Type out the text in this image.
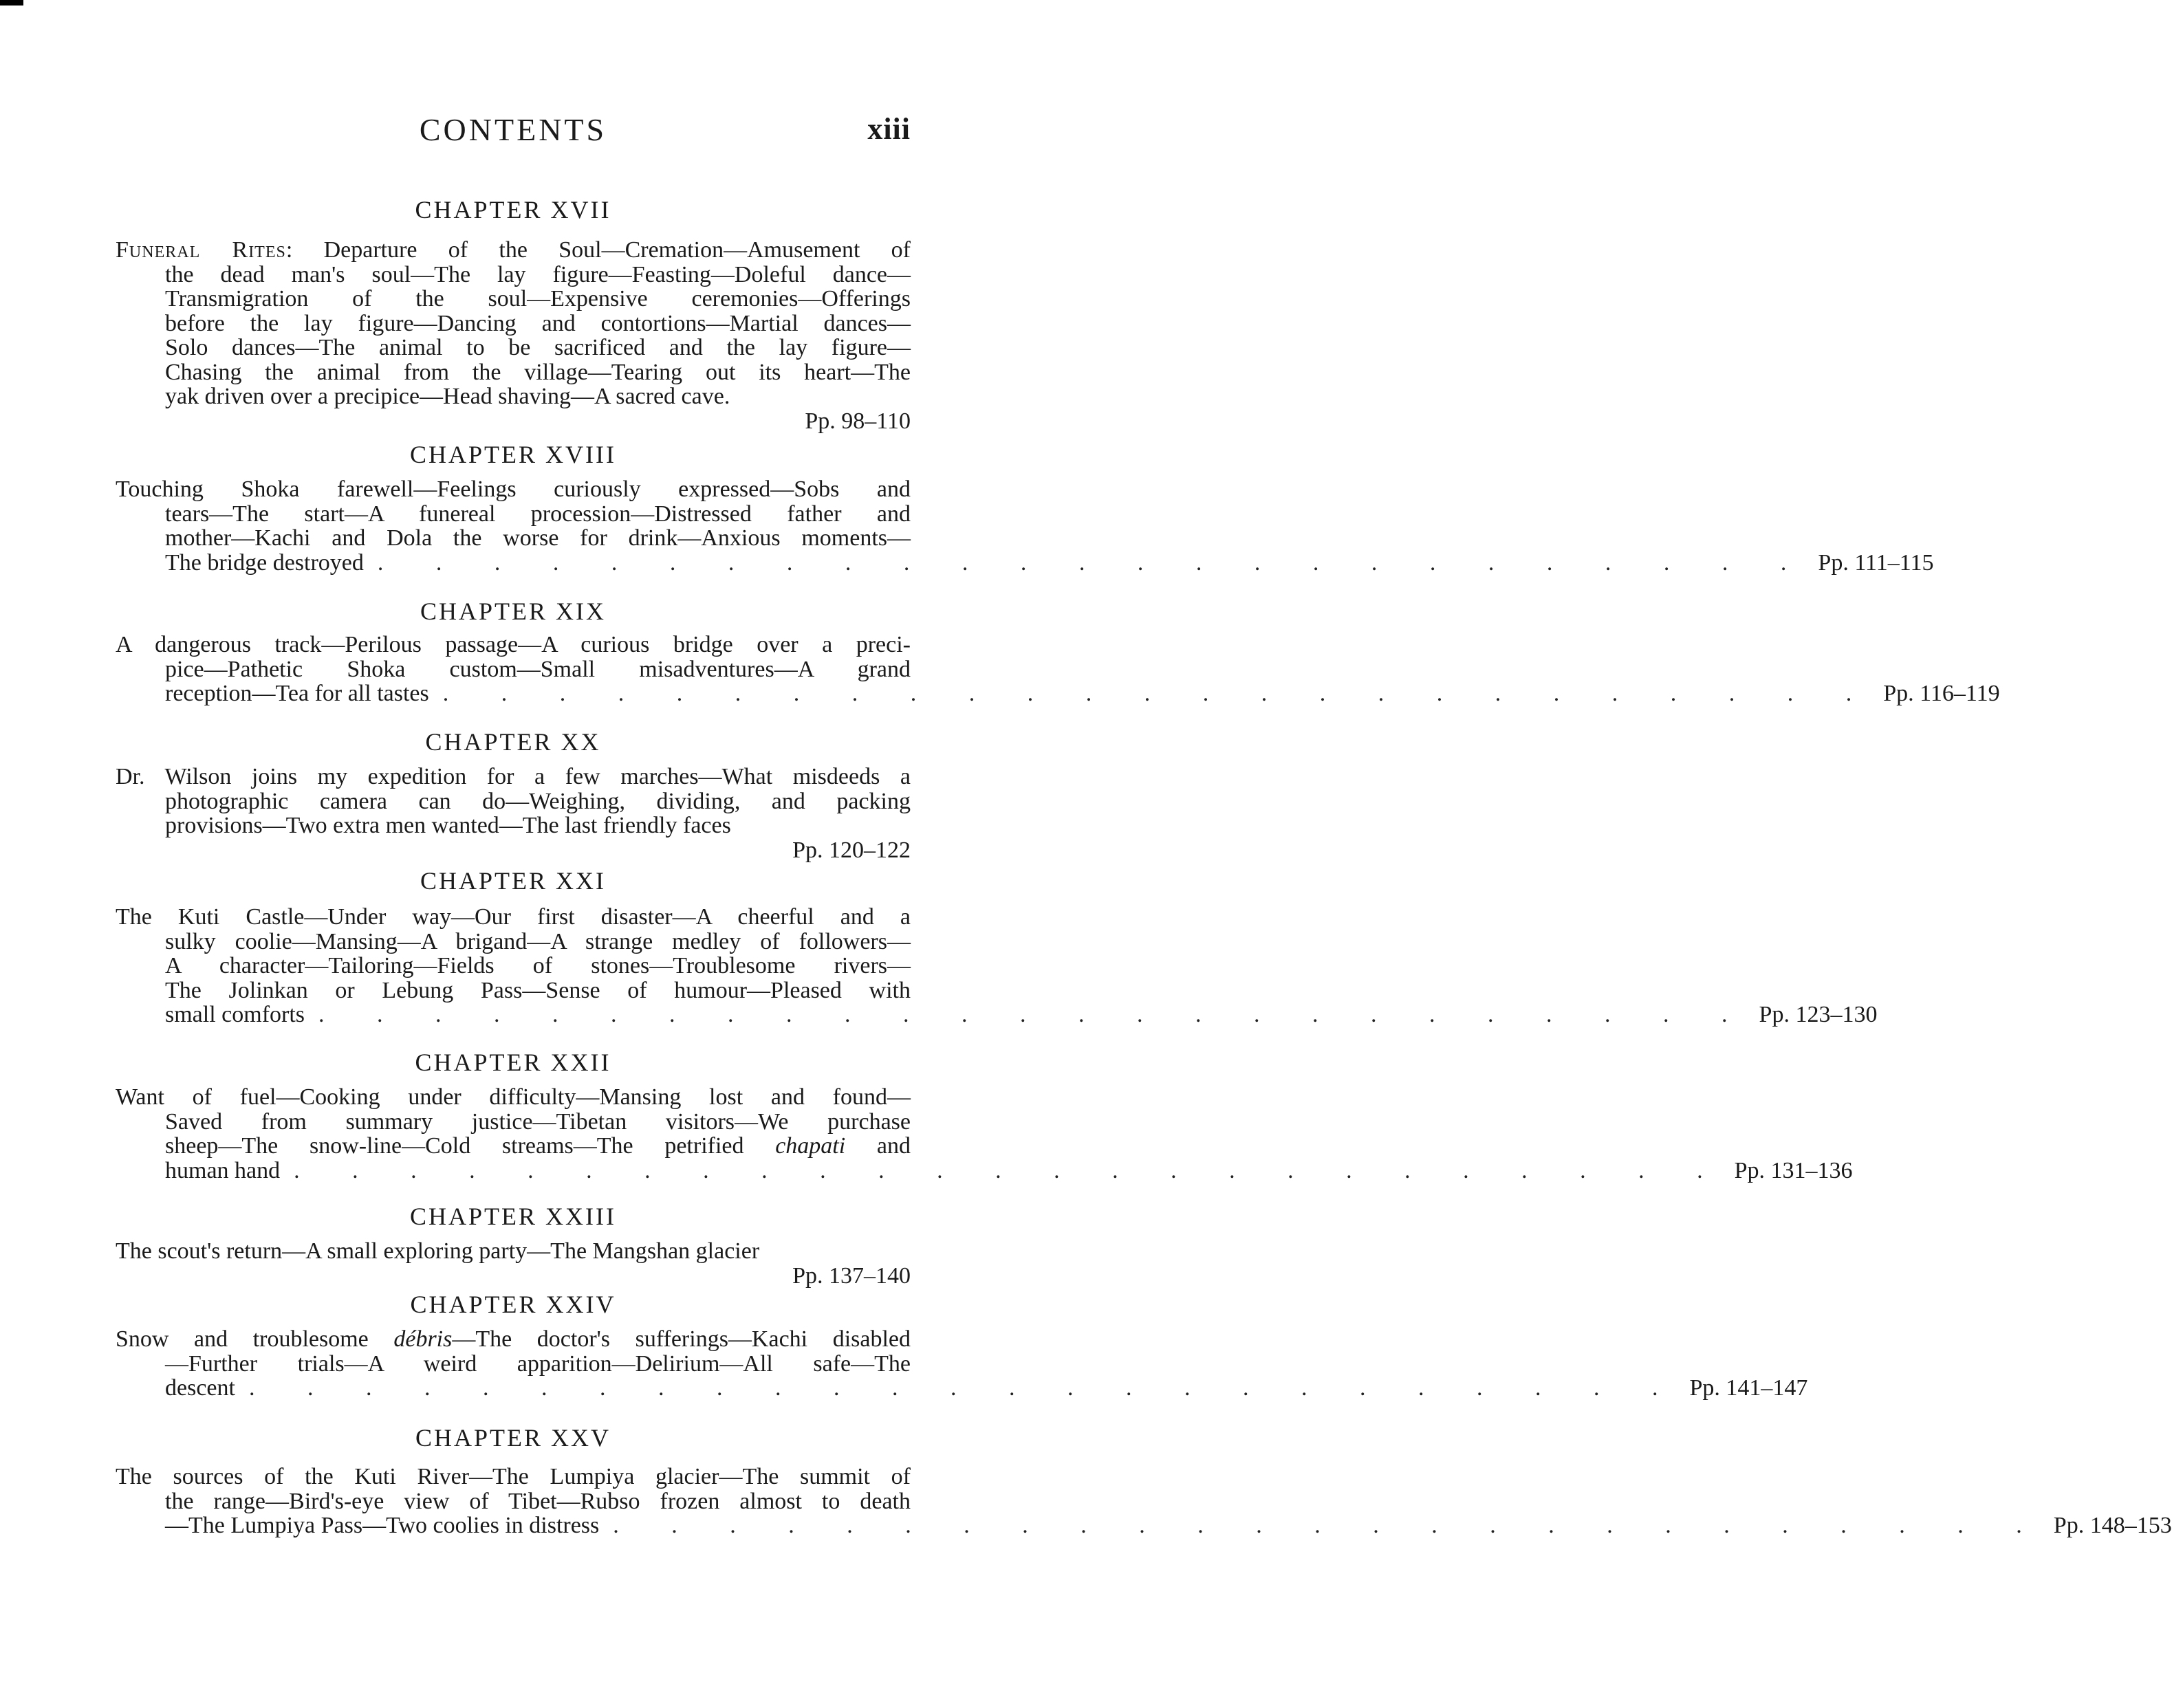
CONTENTS	xiii
CHAPTER XVII
Funeral Rites: Departure of the Soul—Cremation—Amusement of
the dead man's soul—The lay figure—Feasting—Doleful dance—
Transmigration of the soul—Expensive ceremonies—Offerings
before the lay figure—Dancing and contortions—Martial dances—
Solo dances—The animal to be sacrificed and the lay figure—
Chasing the animal from the village—Tearing out its heart—The
yak driven over a precipice—Head shaving—A sacred cave.
Pp. 98–110
CHAPTER XVIII
Touching Shoka farewell—Feelings curiously expressed—Sobs and
tears—The start—A funereal procession—Distressed father and
mother—Kachi and Dola the worse for drink—Anxious moments—
The bridge destroyed . . . . . . . . . . . . . . . . . . . . . . . . . Pp. 111–115
CHAPTER XIX
A dangerous track—Perilous passage—A curious bridge over a preci-
pice—Pathetic Shoka custom—Small misadventures—A grand
reception—Tea for all tastes . . . . . . . . . . . . . . . . . . . . . . . . . Pp. 116–119
CHAPTER XX
Dr. Wilson joins my expedition for a few marches—What misdeeds a
photographic camera can do—Weighing, dividing, and packing
provisions—Two extra men wanted—The last friendly faces
Pp. 120–122
CHAPTER XXI
The Kuti Castle—Under way—Our first disaster—A cheerful and a
sulky coolie—Mansing—A brigand—A strange medley of followers—
A character—Tailoring—Fields of stones—Troublesome rivers—
The Jolinkan or Lebung Pass—Sense of humour—Pleased with
small comforts . . . . . . . . . . . . . . . . . . . . . . . . . Pp. 123–130
CHAPTER XXII
Want of fuel—Cooking under difficulty—Mansing lost and found—
Saved from summary justice—Tibetan visitors—We purchase
sheep—The snow-line—Cold streams—The petrified chapati and
human hand . . . . . . . . . . . . . . . . . . . . . . . . . Pp. 131–136
CHAPTER XXIII
The scout's return—A small exploring party—The Mangshan glacier
Pp. 137–140
CHAPTER XXIV
Snow and troublesome débris—The doctor's sufferings—Kachi disabled
—Further trials—A weird apparition—Delirium—All safe—The
descent . . . . . . . . . . . . . . . . . . . . . . . . . Pp. 141–147
CHAPTER XXV
The sources of the Kuti River—The Lumpiya glacier—The summit of
the range—Bird's-eye view of Tibet—Rubso frozen almost to death
—The Lumpiya Pass—Two coolies in distress . . . . . . . . . . . . . . . . . . . . . . . . . Pp. 148–153
